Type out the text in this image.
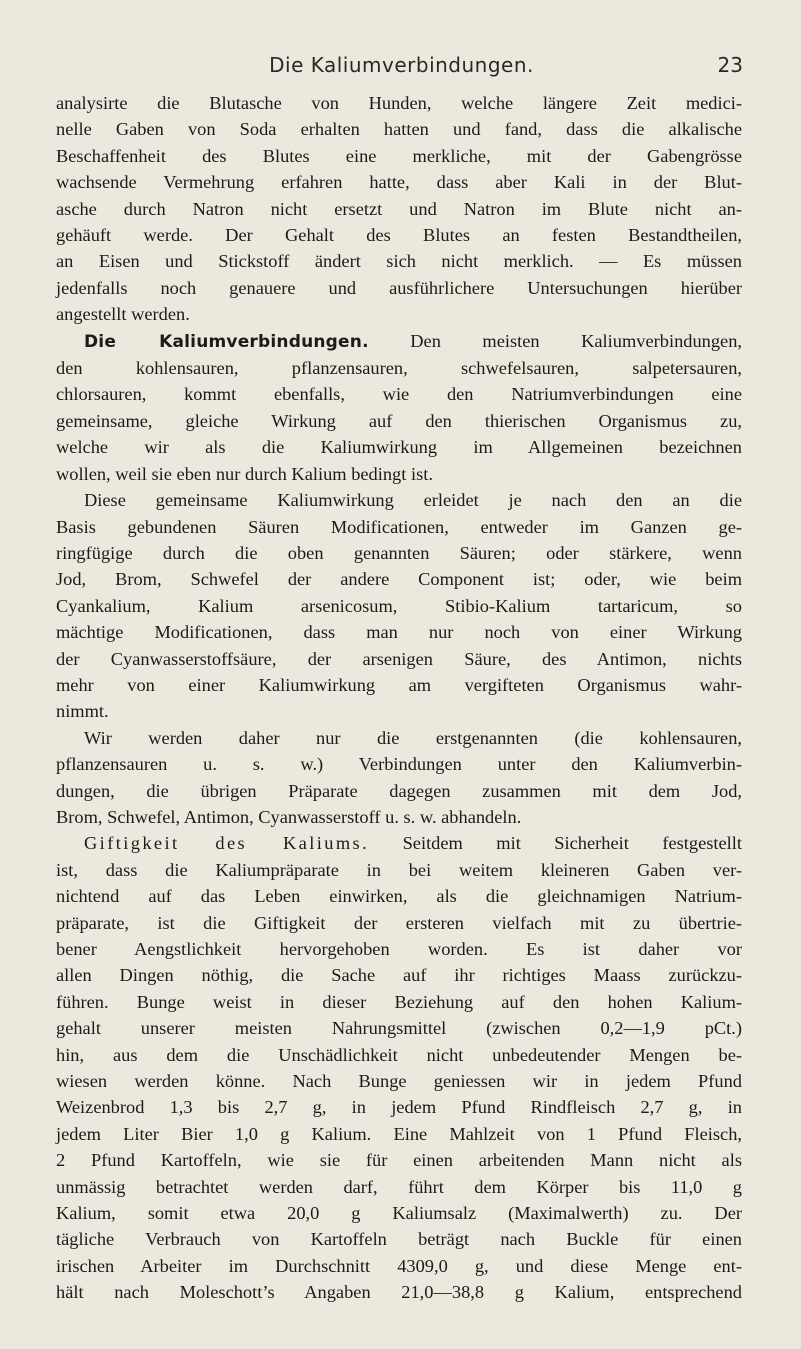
Die Kaliumverbindungen.	23
analysirte die Blutasche von Hunden, welche längere Zeit medici-
nelle Gaben von Soda erhalten hatten und fand, dass die alkalische
Beschaffenheit des Blutes eine merkliche, mit der Gabengrösse
wachsende Vermehrung erfahren hatte, dass aber Kali in der Blut-
asche durch Natron nicht ersetzt und Natron im Blute nicht an-
gehäuft werde. Der Gehalt des Blutes an festen Bestandtheilen,
an Eisen und Stickstoff ändert sich nicht merklich. — Es müssen
jedenfalls noch genauere und ausführlichere Untersuchungen hierüber
angestellt werden.
Die Kaliumverbindungen. Den meisten Kaliumverbindungen,
den kohlensauren, pflanzensauren, schwefelsauren, salpetersauren,
chlorsauren, kommt ebenfalls, wie den Natriumverbindungen eine
gemeinsame, gleiche Wirkung auf den thierischen Organismus zu,
welche wir als die Kaliumwirkung im Allgemeinen bezeichnen
wollen, weil sie eben nur durch Kalium bedingt ist.
Diese gemeinsame Kaliumwirkung erleidet je nach den an die
Basis gebundenen Säuren Modificationen, entweder im Ganzen ge-
ringfügige durch die oben genannten Säuren; oder stärkere, wenn
Jod, Brom, Schwefel der andere Component ist; oder, wie beim
Cyankalium, Kalium arsenicosum, Stibio-Kalium tartaricum, so
mächtige Modificationen, dass man nur noch von einer Wirkung
der Cyanwasserstoffsäure, der arsenigen Säure, des Antimon, nichts
mehr von einer Kaliumwirkung am vergifteten Organismus wahr-
nimmt.
Wir werden daher nur die erstgenannten (die kohlensauren,
pflanzensauren u. s. w.) Verbindungen unter den Kaliumverbin-
dungen, die übrigen Präparate dagegen zusammen mit dem Jod,
Brom, Schwefel, Antimon, Cyanwasserstoff u. s. w. abhandeln.
Giftigkeit des Kaliums. Seitdem mit Sicherheit festgestellt
ist, dass die Kaliumpräparate in bei weitem kleineren Gaben ver-
nichtend auf das Leben einwirken, als die gleichnamigen Natrium-
präparate, ist die Giftigkeit der ersteren vielfach mit zu übertrie-
bener Aengstlichkeit hervorgehoben worden. Es ist daher vor
allen Dingen nöthig, die Sache auf ihr richtiges Maass zurückzu-
führen. Bunge weist in dieser Beziehung auf den hohen Kalium-
gehalt unserer meisten Nahrungsmittel (zwischen 0,2—1,9 pCt.)
hin, aus dem die Unschädlichkeit nicht unbedeutender Mengen be-
wiesen werden könne. Nach Bunge geniessen wir in jedem Pfund
Weizenbrod 1,3 bis 2,7 g, in jedem Pfund Rindfleisch 2,7 g, in
jedem Liter Bier 1,0 g Kalium. Eine Mahlzeit von 1 Pfund Fleisch,
2 Pfund Kartoffeln, wie sie für einen arbeitenden Mann nicht als
unmässig betrachtet werden darf, führt dem Körper bis 11,0 g
Kalium, somit etwa 20,0 g Kaliumsalz (Maximalwerth) zu. Der
tägliche Verbrauch von Kartoffeln beträgt nach Buckle für einen
irischen Arbeiter im Durchschnitt 4309,0 g, und diese Menge ent-
hält nach Moleschott’s Angaben 21,0—38,8 g Kalium, entsprechend
